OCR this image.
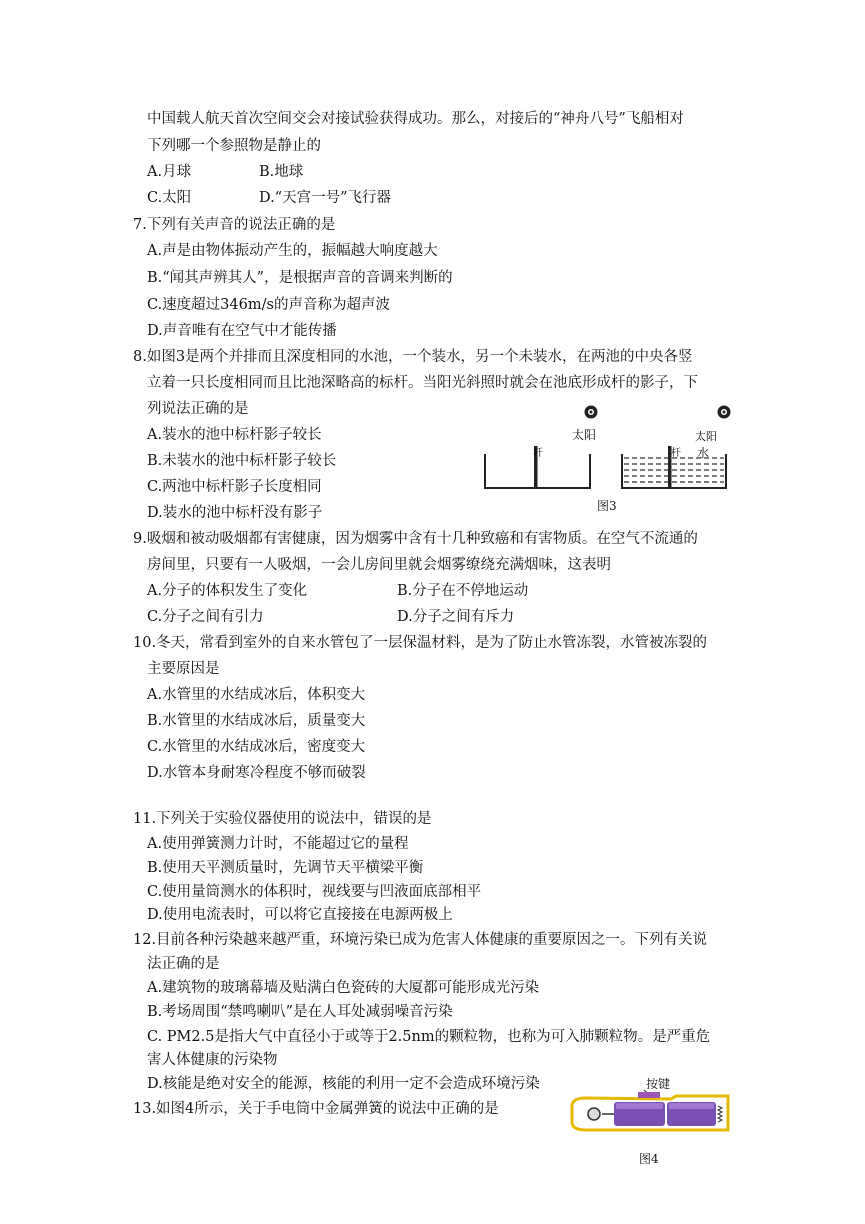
中国载人航天首次空间交会对接试验获得成功。那么，对接后的“神舟八号”飞船相对
下列哪一个参照物是静止的
A.月球	B.地球
C.太阳	D.“天宫一号”飞行器
7.下列有关声音的说法正确的是
A.声是由物体振动产生的，振幅越大响度越大
B.“闻其声辨其人”，是根据声音的音调来判断的
C.速度超过346m/s的声音称为超声波
D.声音唯有在空气中才能传播
8.如图3是两个并排而且深度相同的水池，一个装水，另一个未装水，在两池的中央各竖
立着一只长度相同而且比池深略高的标杆。当阳光斜照时就会在池底形成杆的影子，下
列说法正确的是
A.装水的池中标杆影子较长
B.未装水的池中标杆影子较长
C.两池中标杆影子长度相同
D.装水的池中标杆没有影子
9.吸烟和被动吸烟都有害健康，因为烟雾中含有十几种致癌和有害物质。在空气不流通的
房间里，只要有一人吸烟，一会儿房间里就会烟雾缭绕充满烟味，这表明
A.分子的体积发生了变化	B.分子在不停地运动
C.分子之间有引力	D.分子之间有斥力
10.冬天，常看到室外的自来水管包了一层保温材料，是为了防止水管冻裂，水管被冻裂的
主要原因是
A.水管里的水结成冰后，体积变大
B.水管里的水结成冰后，质量变大
C.水管里的水结成冰后，密度变大
D.水管本身耐寒冷程度不够而破裂
11.下列关于实验仪器使用的说法中，错误的是
A.使用弹簧测力计时，不能超过它的量程
B.使用天平测质量时，先调节天平横梁平衡
C.使用量筒测水的体积时，视线要与凹液面底部相平
D.使用电流表时，可以将它直接接在电源两极上
12.目前各种污染越来越严重，环境污染已成为危害人体健康的重要原因之一。下列有关说
法正确的是
A.建筑物的玻璃幕墙及贴满白色瓷砖的大厦都可能形成光污染
B.考场周围“禁鸣喇叭”是在人耳处减弱噪音污染
C. PM2.5是指大气中直径小于或等于2.5nm的颗粒物，也称为可入肺颗粒物。是严重危
害人体健康的污染物
D.核能是绝对安全的能源，核能的利用一定不会造成环境污染
13.如图4所示，关于手电筒中金属弹簧的说法中正确的是
太阳
杆
太阳
杆 水
图3
按键
图4
